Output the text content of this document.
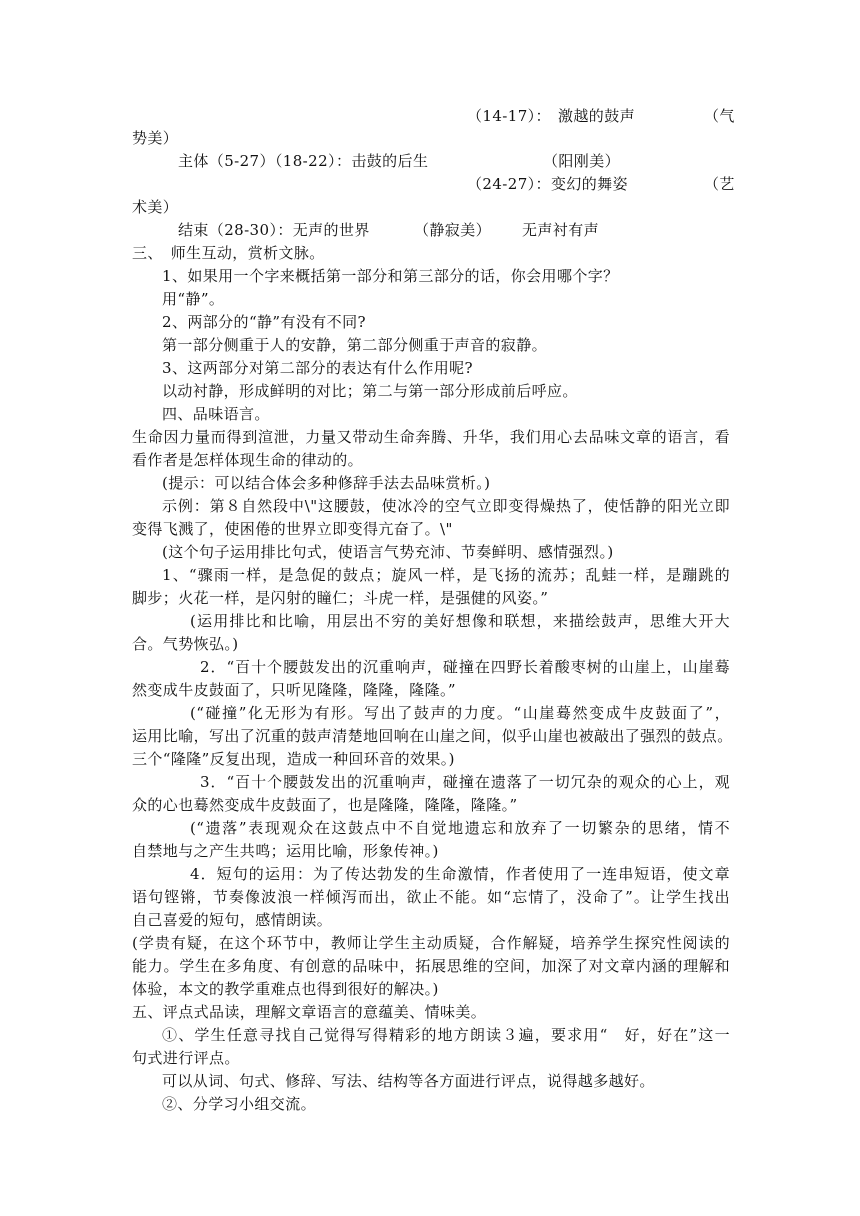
（14-17）： 激越的鼓声	（气
势美）
主体（5-27）（18-22）：击鼓的后生	（阳刚美）
（24-27）：变幻的舞姿	（艺
术美）
结束（28-30）：无声的世界	（静寂美） 无声衬有声
三、　师生互动，赏析文脉。
1、如果用一个字来概括第一部分和第三部分的话，你会用哪个字？
用“静”。
2、两部分的“静”有没有不同?
第一部分侧重于人的安静，第二部分侧重于声音的寂静。
3、这两部分对第二部分的表达有什么作用呢?
以动衬静，形成鲜明的对比；第二与第一部分形成前后呼应。
四、品味语言。
生命因力量而得到渲泄，力量又带动生命奔腾、升华，我们用心去品味文章的语言，看
看作者是怎样体现生命的律动的。
(提示：可以结合体会多种修辞手法去品味赏析。)
示例：第８自然段中\"这腰鼓，使冰冷的空气立即变得燥热了，使恬静的阳光立即
变得飞溅了，使困倦的世界立即变得亢奋了。\"
(这个句子运用排比句式，使语言气势充沛、节奏鲜明、感情强烈。)
1、“骤雨一样，是急促的鼓点；旋风一样，是飞扬的流苏；乱蛙一样，是蹦跳的
脚步；火花一样，是闪射的瞳仁；斗虎一样，是强健的风姿。”
(运用排比和比喻，用层出不穷的美好想像和联想，来描绘鼓声，思维大开大
合。气势恢弘。)
2．“百十个腰鼓发出的沉重响声，碰撞在四野长着酸枣树的山崖上，山崖蓦
然变成牛皮鼓面了，只听见隆隆，隆隆，隆隆。”
(“碰撞”化无形为有形。写出了鼓声的力度。“山崖蓦然变成牛皮鼓面了”，
运用比喻，写出了沉重的鼓声清楚地回响在山崖之间，似乎山崖也被敲出了强烈的鼓点。
三个“隆隆”反复出现，造成一种回环音的效果。)
3．“百十个腰鼓发出的沉重响声，碰撞在遗落了一切冗杂的观众的心上，观
众的心也蓦然变成牛皮鼓面了，也是隆隆，隆隆，隆隆。”
(“遗落”表现观众在这鼓点中不自觉地遗忘和放弃了一切繁杂的思绪，情不
自禁地与之产生共鸣；运用比喻，形象传神。)
4．短句的运用：为了传达勃发的生命激情，作者使用了一连串短语，使文章
语句铿锵，节奏像波浪一样倾泻而出，欲止不能。如“忘情了，没命了”。让学生找出
自己喜爱的短句，感情朗读。
(学贵有疑，在这个环节中，教师让学生主动质疑，合作解疑，培养学生探究性阅读的
能力。学生在多角度、有创意的品味中，拓展思维的空间，加深了对文章内涵的理解和
体验，本文的教学重难点也得到很好的解决。)
五、评点式品读，理解文章语言的意蕴美、情味美。
①、学生任意寻找自己觉得写得精彩的地方朗读３遍，要求用“　好，好在”这一
句式进行评点。
可以从词、句式、修辞、写法、结构等各方面进行评点，说得越多越好。
②、分学习小组交流。
